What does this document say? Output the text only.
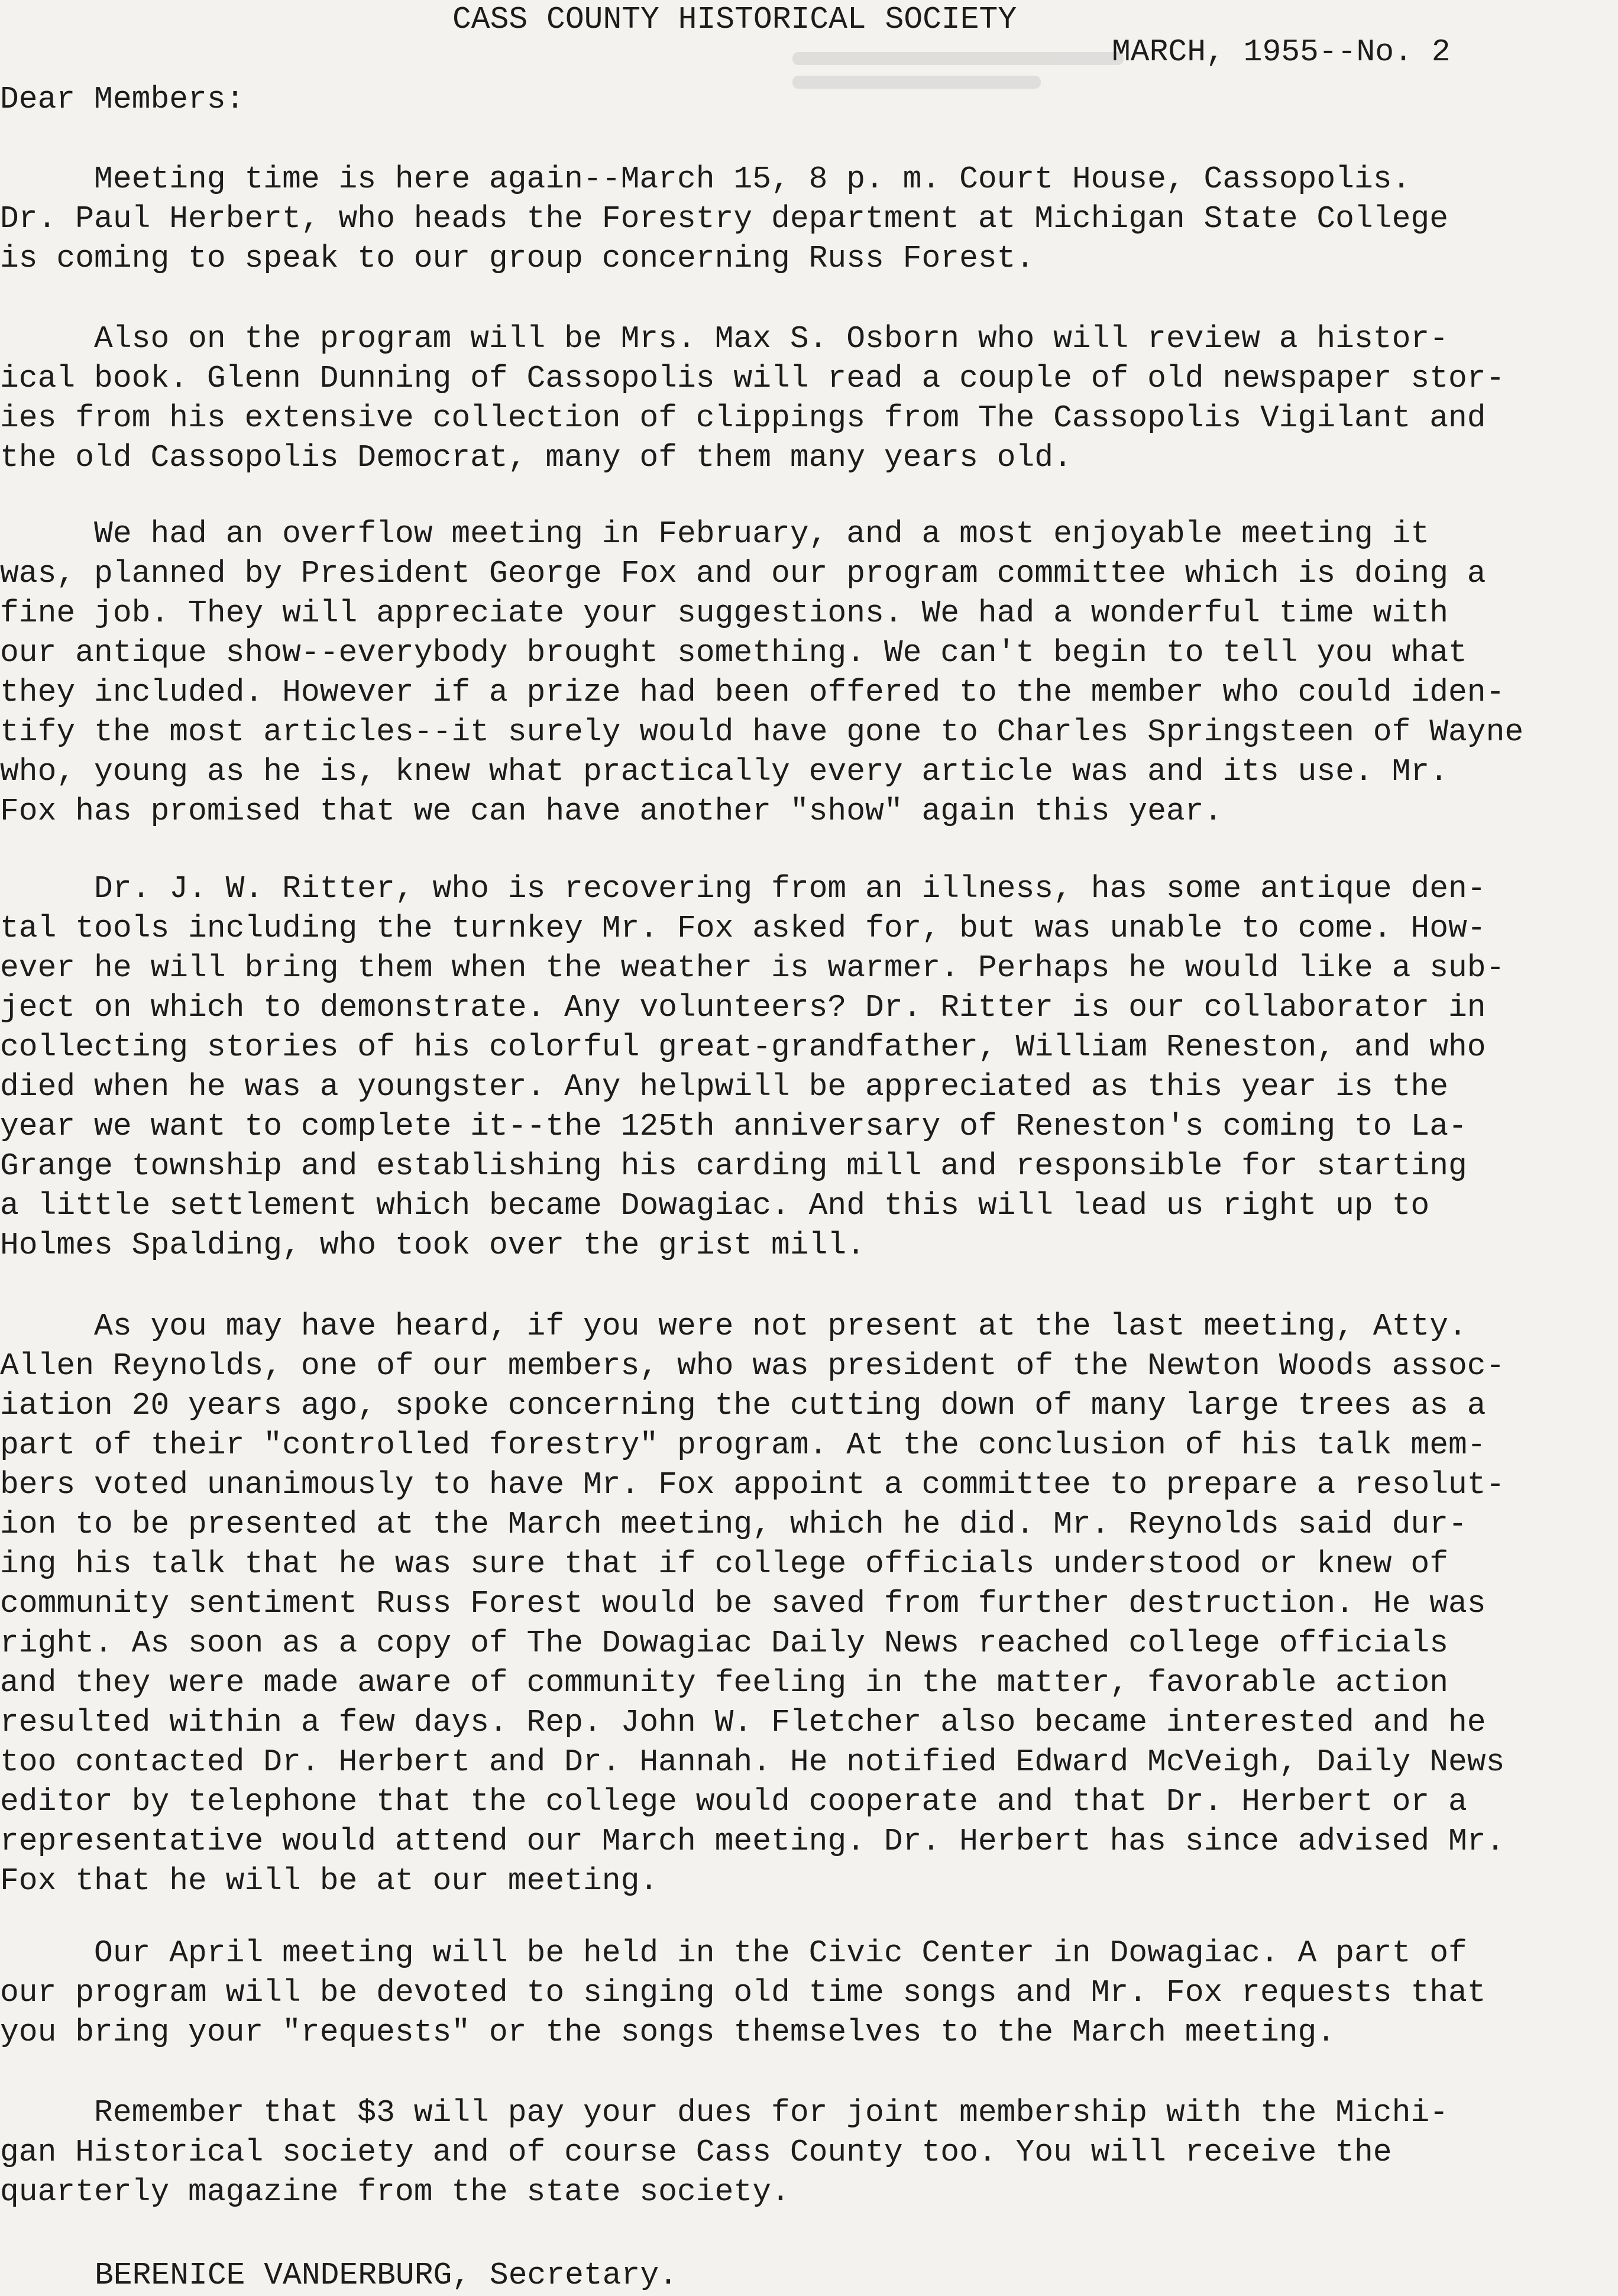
CASS COUNTY HISTORICAL SOCIETY
MARCH, 1955--No. 2
Dear Members:
Meeting time is here again--March 15, 8 p. m. Court House, Cassopolis.
Dr. Paul Herbert, who heads the Forestry department at Michigan State College
is coming to speak to our group concerning Russ Forest.
Also on the program will be Mrs. Max S. Osborn who will review a histor-
ical book. Glenn Dunning of Cassopolis will read a couple of old newspaper stor-
ies from his extensive collection of clippings from The Cassopolis Vigilant and
the old Cassopolis Democrat, many of them many years old.
We had an overflow meeting in February, and a most enjoyable meeting it
was, planned by President George Fox and our program committee which is doing a
fine job. They will appreciate your suggestions. We had a wonderful time with
our antique show--everybody brought something. We can't begin to tell you what
they included. However if a prize had been offered to the member who could iden-
tify the most articles--it surely would have gone to Charles Springsteen of Wayne
who, young as he is, knew what practically every article was and its use. Mr.
Fox has promised that we can have another "show" again this year.
Dr. J. W. Ritter, who is recovering from an illness, has some antique den-
tal tools including the turnkey Mr. Fox asked for, but was unable to come. How-
ever he will bring them when the weather is warmer. Perhaps he would like a sub-
ject on which to demonstrate. Any volunteers? Dr. Ritter is our collaborator in
collecting stories of his colorful great-grandfather, William Reneston, and who
died when he was a youngster. Any helpwill be appreciated as this year is the
year we want to complete it--the 125th anniversary of Reneston's coming to La-
Grange township and establishing his carding mill and responsible for starting
a little settlement which became Dowagiac. And this will lead us right up to
Holmes Spalding, who took over the grist mill.
As you may have heard, if you were not present at the last meeting, Atty.
Allen Reynolds, one of our members, who was president of the Newton Woods assoc-
iation 20 years ago, spoke concerning the cutting down of many large trees as a
part of their "controlled forestry" program. At the conclusion of his talk mem-
bers voted unanimously to have Mr. Fox appoint a committee to prepare a resolut-
ion to be presented at the March meeting, which he did. Mr. Reynolds said dur-
ing his talk that he was sure that if college officials understood or knew of
community sentiment Russ Forest would be saved from further destruction. He was
right. As soon as a copy of The Dowagiac Daily News reached college officials
and they were made aware of community feeling in the matter, favorable action
resulted within a few days. Rep. John W. Fletcher also became interested and he
too contacted Dr. Herbert and Dr. Hannah. He notified Edward McVeigh, Daily News
editor by telephone that the college would cooperate and that Dr. Herbert or a
representative would attend our March meeting. Dr. Herbert has since advised Mr.
Fox that he will be at our meeting.
Our April meeting will be held in the Civic Center in Dowagiac. A part of
our program will be devoted to singing old time songs and Mr. Fox requests that
you bring your "requests" or the songs themselves to the March meeting.
Remember that $3 will pay your dues for joint membership with the Michi-
gan Historical society and of course Cass County too. You will receive the
quarterly magazine from the state society.
BERENICE VANDERBURG, Secretary.
